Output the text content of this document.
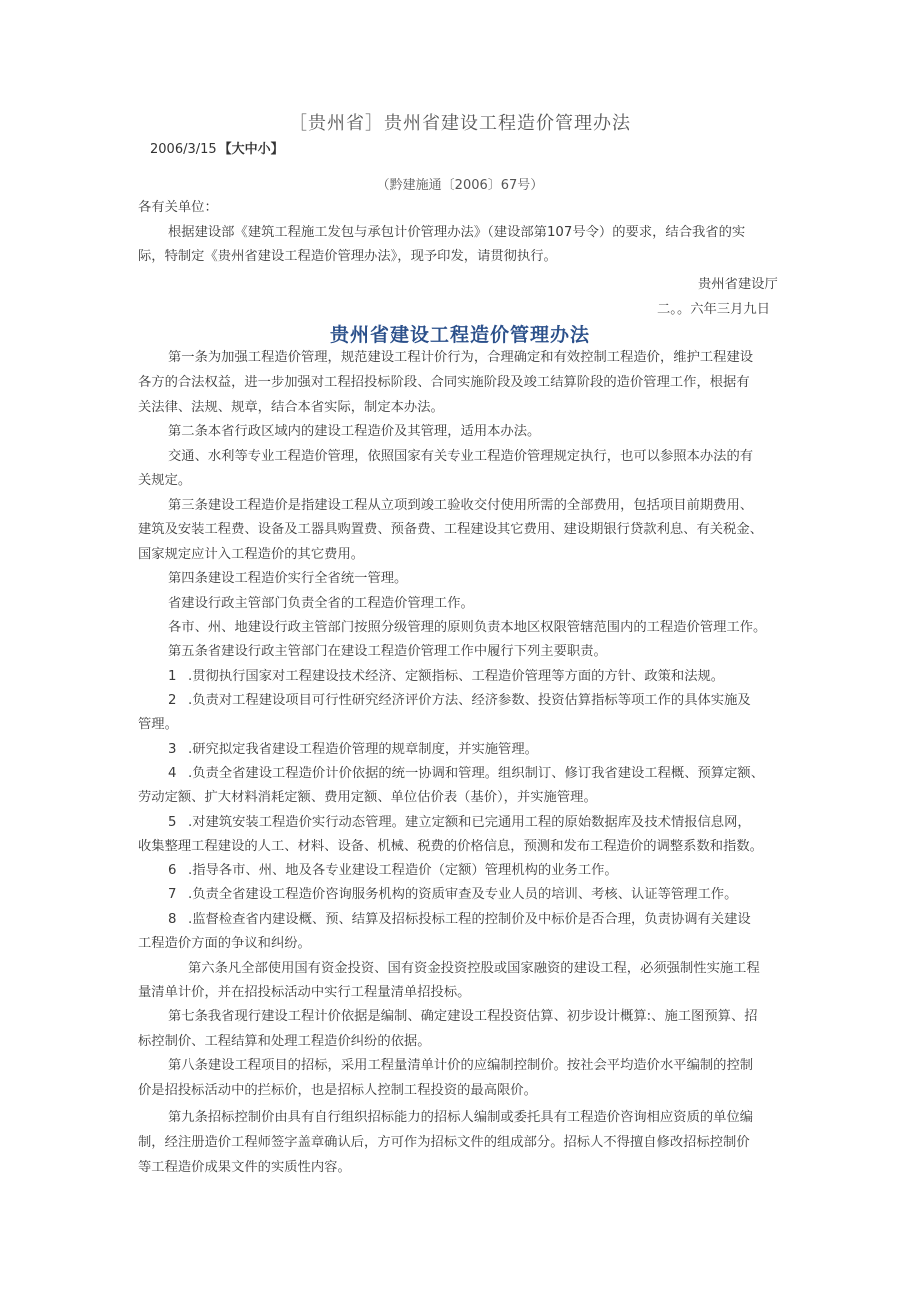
［贵州省］贵州省建设工程造价管理办法
2006/3/15 【大中小】
（黔建施通〔2006〕67号）
各有关单位：
根据建设部《建筑工程施工发包与承包计价管理办法》（建设部第107号令）的要求，结合我省的实
际，特制定《贵州省建设工程造价管理办法》，现予印发，请贯彻执行。
贵州省建设厅
二。。六年三月九日
贵州省建设工程造价管理办法
第一条为加强工程造价管理，规范建设工程计价行为，合理确定和有效控制工程造价，维护工程建设
各方的合法权益，进一步加强对工程招投标阶段、合同实施阶段及竣工结算阶段的造价管理工作，根据有
关法律、法规、规章，结合本省实际，制定本办法。
第二条本省行政区域内的建设工程造价及其管理，适用本办法。
交通、水利等专业工程造价管理，依照国家有关专业工程造价管理规定执行，也可以参照本办法的有
关规定。
第三条建设工程造价是指建设工程从立项到竣工验收交付使用所需的全部费用，包括项目前期费用、
建筑及安装工程费、设备及工器具购置费、预备费、工程建设其它费用、建设期银行贷款利息、有关税金、
国家规定应计入工程造价的其它费用。
第四条建设工程造价实行全省统一管理。
省建设行政主管部门负责全省的工程造价管理工作。
各市、州、地建设行政主管部门按照分级管理的原则负责本地区权限管辖范围内的工程造价管理工作。
第五条省建设行政主管部门在建设工程造价管理工作中履行下列主要职责。
1 .贯彻执行国家对工程建设技术经济、定额指标、工程造价管理等方面的方针、政策和法规。
2 .负责对工程建设项目可行性研究经济评价方法、经济参数、投资估算指标等项工作的具体实施及
管理。
3 .研究拟定我省建设工程造价管理的规章制度，并实施管理。
4 .负责全省建设工程造价计价依据的统一协调和管理。组织制订、修订我省建设工程概、预算定额、
劳动定额、扩大材料消耗定额、费用定额、单位估价表（基价），并实施管理。
5 .对建筑安装工程造价实行动态管理。建立定额和已完通用工程的原始数据库及技术情报信息网，
收集整理工程建设的人工、材料、设备、机械、税费的价格信息，预测和发布工程造价的调整系数和指数。
6 .指导各市、州、地及各专业建设工程造价（定额）管理机构的业务工作。
7 .负责全省建设工程造价咨询服务机构的资质审查及专业人员的培训、考核、认证等管理工作。
8 .监督检查省内建设概、预、结算及招标投标工程的控制价及中标价是否合理，负责协调有关建设
工程造价方面的争议和纠纷。
第六条凡全部使用国有资金投资、国有资金投资控股或国家融资的建设工程，必须强制性实施工程
量清单计价，并在招投标活动中实行工程量清单招投标。
第七条我省现行建设工程计价依据是编制、确定建设工程投资估算、初步设计概算:、施工图预算、招
标控制价、工程结算和处理工程造价纠纷的依据。
第八条建设工程项目的招标，采用工程量清单计价的应编制控制价。按社会平均造价水平编制的控制
价是招投标活动中的拦标价，也是招标人控制工程投资的最高限价。
第九条招标控制价由具有自行组织招标能力的招标人编制或委托具有工程造价咨询相应资质的单位编
制，经注册造价工程师签字盖章确认后，方可作为招标文件的组成部分。招标人不得擅自修改招标控制价
等工程造价成果文件的实质性内容。
